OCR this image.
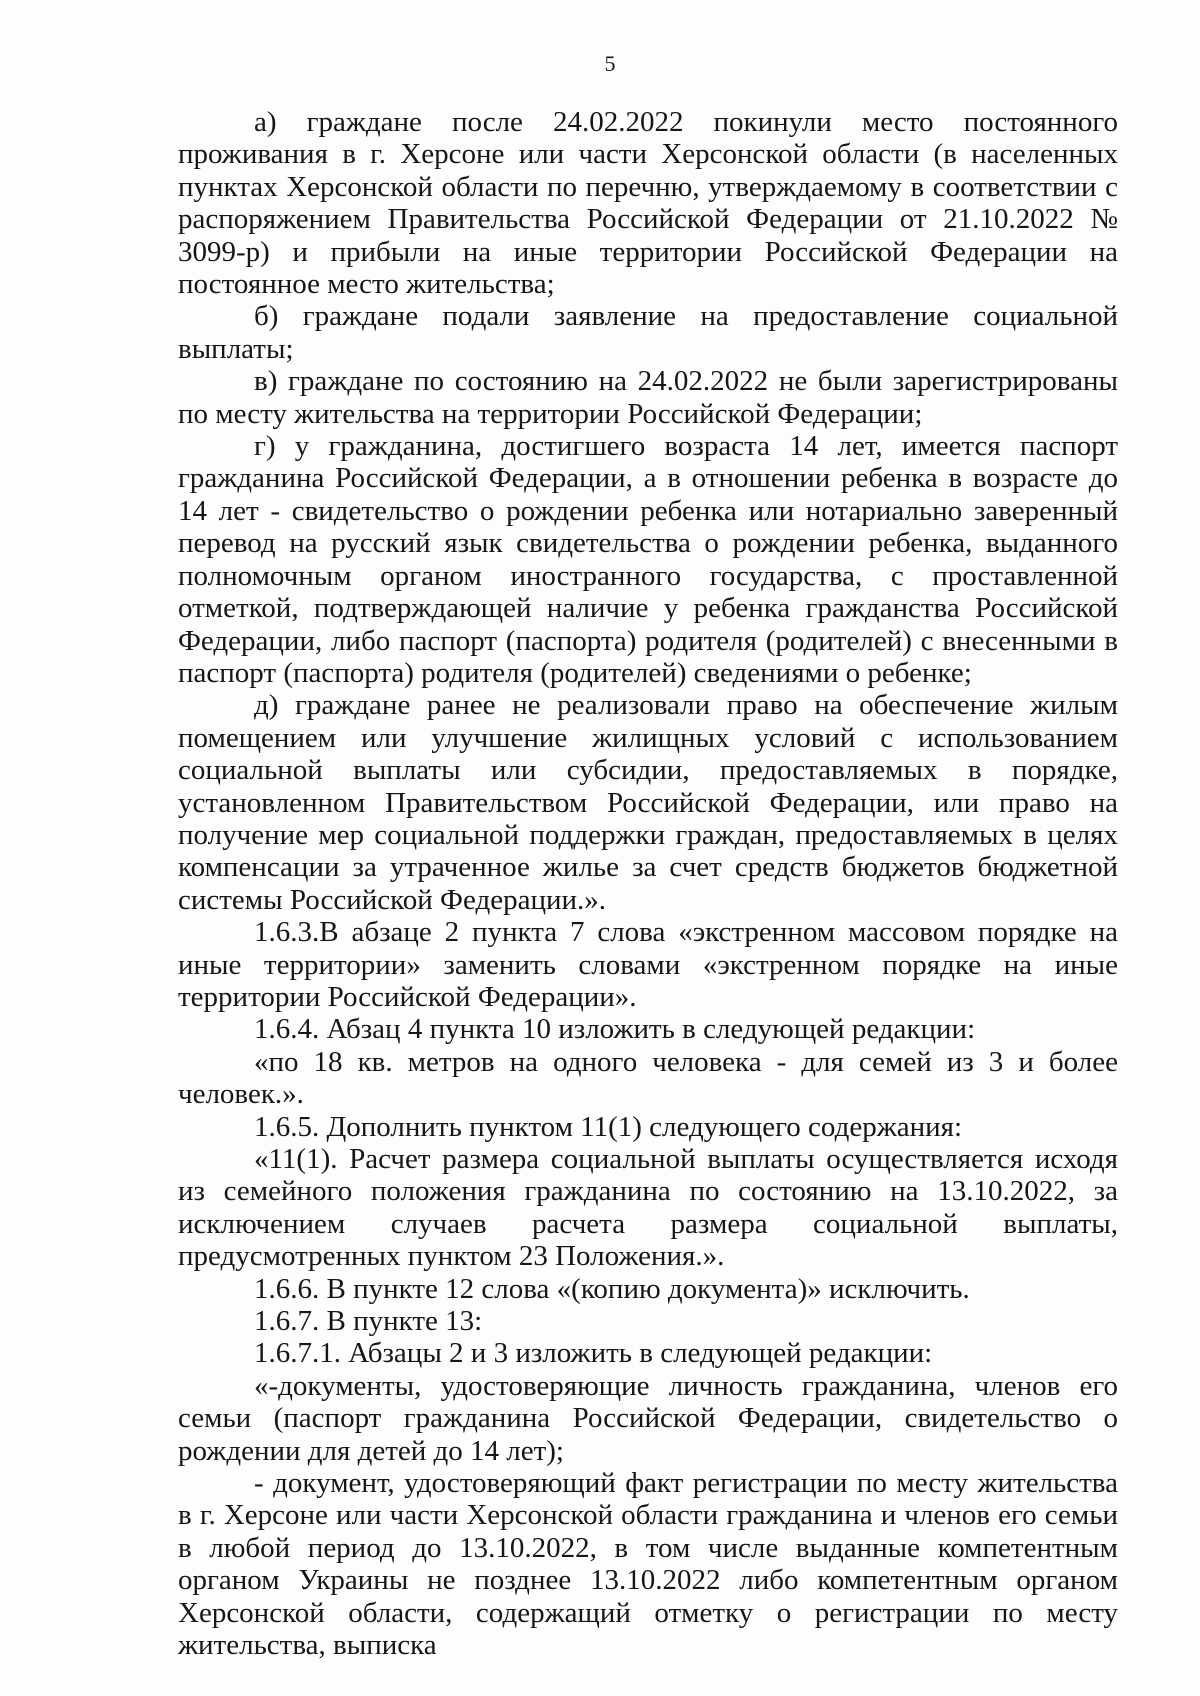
5

а) граждане после 24.02.2022 покинули место постоянного проживания в г. Херсоне или части Херсонской области (в населенных пунктах Херсонской области по перечню, утверждаемому в соответствии с распоряжением Правительства Российской Федерации от 21.10.2022 № 3099-р) и прибыли на иные территории Российской Федерации на постоянное место жительства;

б) граждане подали заявление на предоставление социальной выплаты;

в) граждане по состоянию на 24.02.2022 не были зарегистрированы по месту жительства на территории Российской Федерации;

г) у гражданина, достигшего возраста 14 лет, имеется паспорт гражданина Российской Федерации, а в отношении ребенка в возрасте до 14 лет - свидетельство о рождении ребенка или нотариально заверенный перевод на русский язык свидетельства о рождении ребенка, выданного полномочным органом иностранного государства, с проставленной отметкой, подтверждающей наличие у ребенка гражданства Российской Федерации, либо паспорт (паспорта) родителя (родителей) с внесенными в паспорт (паспорта) родителя (родителей) сведениями о ребенке;

д) граждане ранее не реализовали право на обеспечение жилым помещением или улучшение жилищных условий с использованием социальной выплаты или субсидии, предоставляемых в порядке, установленном Правительством Российской Федерации, или право на получение мер социальной поддержки граждан, предоставляемых в целях компенсации за утраченное жилье за счет средств бюджетов бюджетной системы Российской Федерации.».

1.6.3.В абзаце 2 пункта 7 слова «экстренном массовом порядке на иные территории» заменить словами «экстренном порядке на иные территории Российской Федерации».

1.6.4. Абзац 4 пункта 10 изложить в следующей редакции:

«по 18 кв. метров на одного человека - для семей из 3 и более человек.».

1.6.5. Дополнить пунктом 11(1) следующего содержания:

«11(1). Расчет размера социальной выплаты осуществляется исходя из семейного положения гражданина по состоянию на 13.10.2022, за исключением случаев расчета размера социальной выплаты, предусмотренных пунктом 23 Положения.».

1.6.6. В пункте 12 слова «(копию документа)» исключить.

1.6.7. В пункте 13:

1.6.7.1. Абзацы 2 и 3 изложить в следующей редакции:

«-документы, удостоверяющие личность гражданина, членов его семьи (паспорт гражданина Российской Федерации, свидетельство о рождении для детей до 14 лет);

- документ, удостоверяющий факт регистрации по месту жительства в г. Херсоне или части Херсонской области гражданина и членов его семьи в любой период до 13.10.2022, в том числе выданные компетентным органом Украины не позднее 13.10.2022 либо компетентным органом Херсонской области, содержащий отметку о регистрации по месту жительства, выписка
